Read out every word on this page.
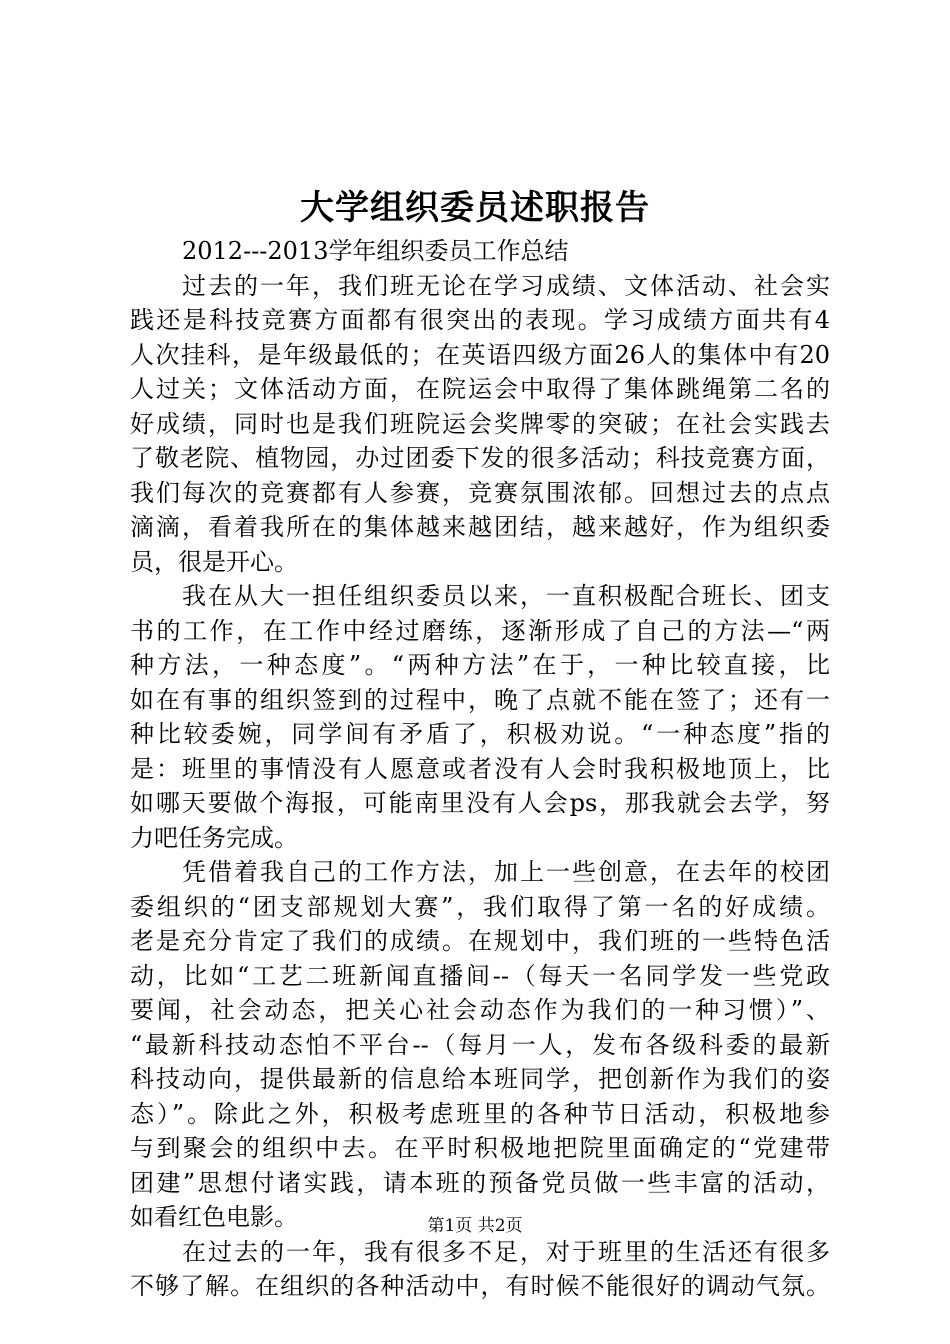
大学组织委员述职报告
2012---2013学年组织委员工作总结
过去的一年，我们班无论在学习成绩、文体活动、社会实
践还是科技竞赛方面都有很突出的表现。学习成绩方面共有4
人次挂科，是年级最低的；在英语四级方面26人的集体中有20
人过关；文体活动方面，在院运会中取得了集体跳绳第二名的
好成绩，同时也是我们班院运会奖牌零的突破；在社会实践去
了敬老院、植物园，办过团委下发的很多活动；科技竞赛方面，
我们每次的竞赛都有人参赛，竞赛氛围浓郁。回想过去的点点
滴滴，看着我所在的集体越来越团结，越来越好，作为组织委
员，很是开心。
我在从大一担任组织委员以来，一直积极配合班长、团支
书的工作，在工作中经过磨练，逐渐形成了自己的方法—“两
种方法，一种态度”。“两种方法”在于，一种比较直接，比
如在有事的组织签到的过程中，晚了点就不能在签了；还有一
种比较委婉，同学间有矛盾了，积极劝说。“一种态度”指的
是：班里的事情没有人愿意或者没有人会时我积极地顶上，比
如哪天要做个海报，可能南里没有人会ps，那我就会去学，努
力吧任务完成。
凭借着我自己的工作方法，加上一些创意，在去年的校团
委组织的“团支部规划大赛”，我们取得了第一名的好成绩。
老是充分肯定了我们的成绩。在规划中，我们班的一些特色活
动，比如“工艺二班新闻直播间--（每天一名同学发一些党政
要闻，社会动态，把关心社会动态作为我们的一种习惯）”、
“最新科技动态怕不平台--（每月一人，发布各级科委的最新
科技动向，提供最新的信息给本班同学，把创新作为我们的姿
态）”。除此之外，积极考虑班里的各种节日活动，积极地参
与到聚会的组织中去。在平时积极地把院里面确定的“党建带
团建”思想付诸实践，请本班的预备党员做一些丰富的活动，
如看红色电影。
在过去的一年，我有很多不足，对于班里的生活还有很多
不够了解。在组织的各种活动中，有时候不能很好的调动气氛。
第1页 共2页
